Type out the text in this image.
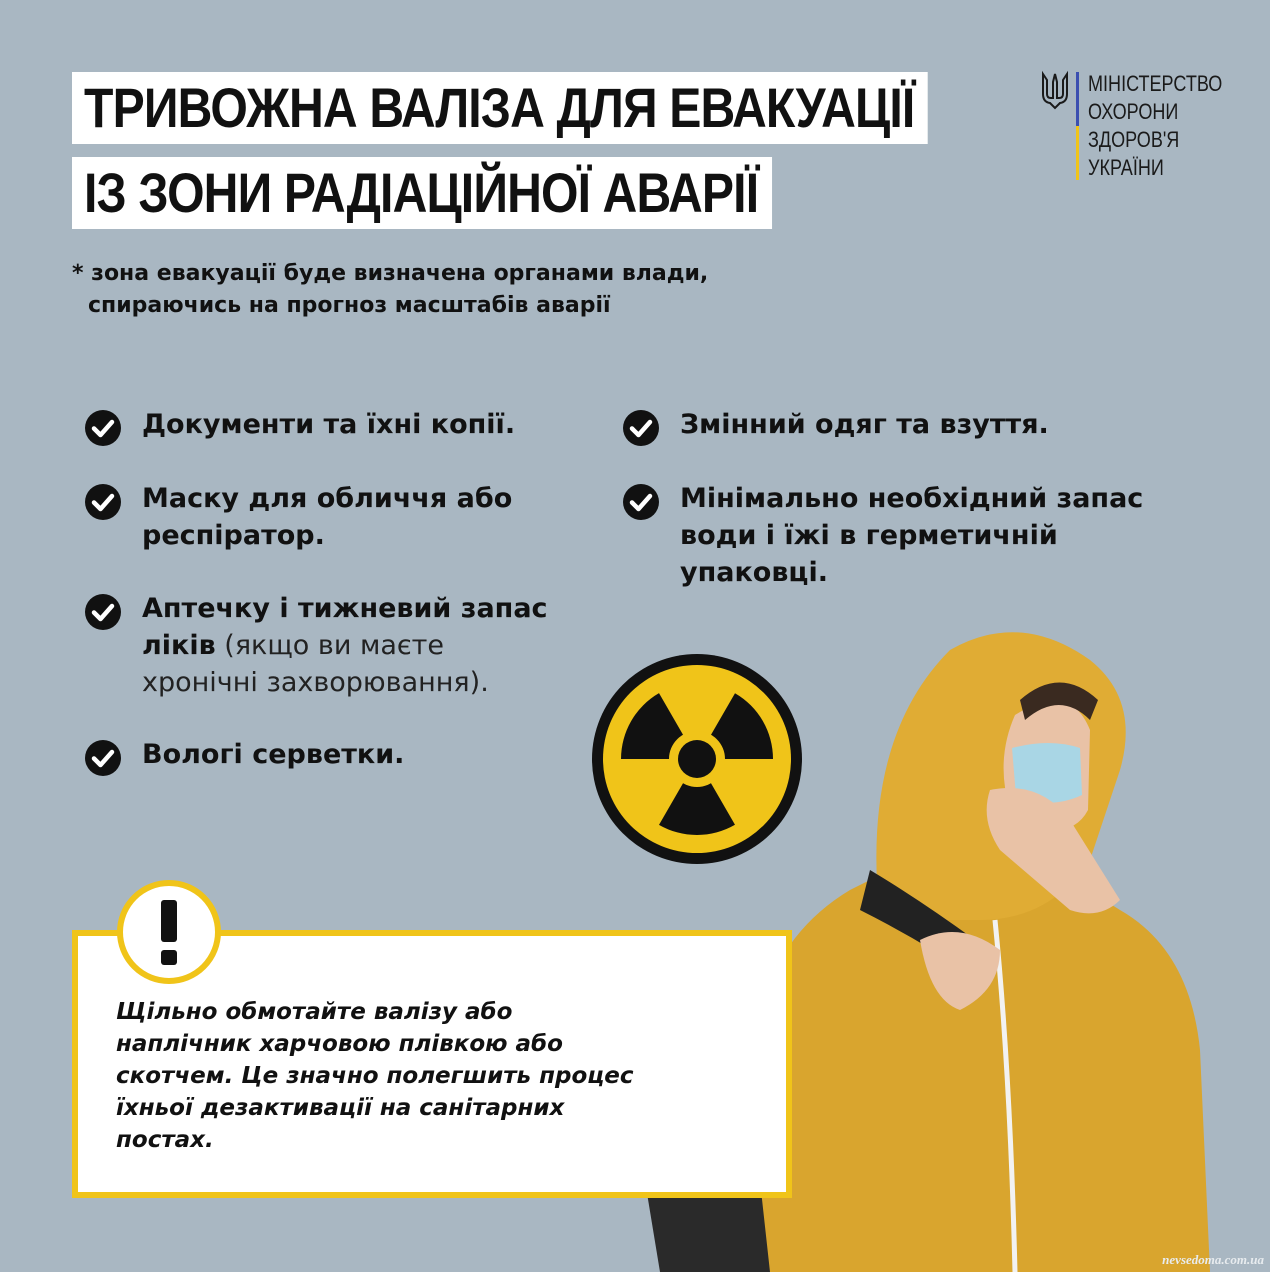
ТРИВОЖНА ВАЛІЗА ДЛЯ ЕВАКУАЦІЇ
ІЗ ЗОНИ РАДІАЦІЙНОЇ АВАРІЇ
МІНІСТЕРСТВО
ОХОРОНИ
ЗДОРОВ'Я
УКРАЇНИ
* зона евакуації буде визначена органами влади,
спираючись на прогноз масштабів аварії
Документи та їхні копії.
Маску для обличчя або респіратор.
Аптечку і тижневий запас ліків (якщо ви маєте хронічні захворювання).
Вологі серветки.
Змінний одяг та взуття.
Мінімально необхідний запас води і їжі в герметичній упаковці.
Щільно обмотайте валізу або наплічник харчовою плівкою або скотчем. Це значно полегшить процес їхньої дезактивації на санітарних постах.
nevsedoma.com.ua
